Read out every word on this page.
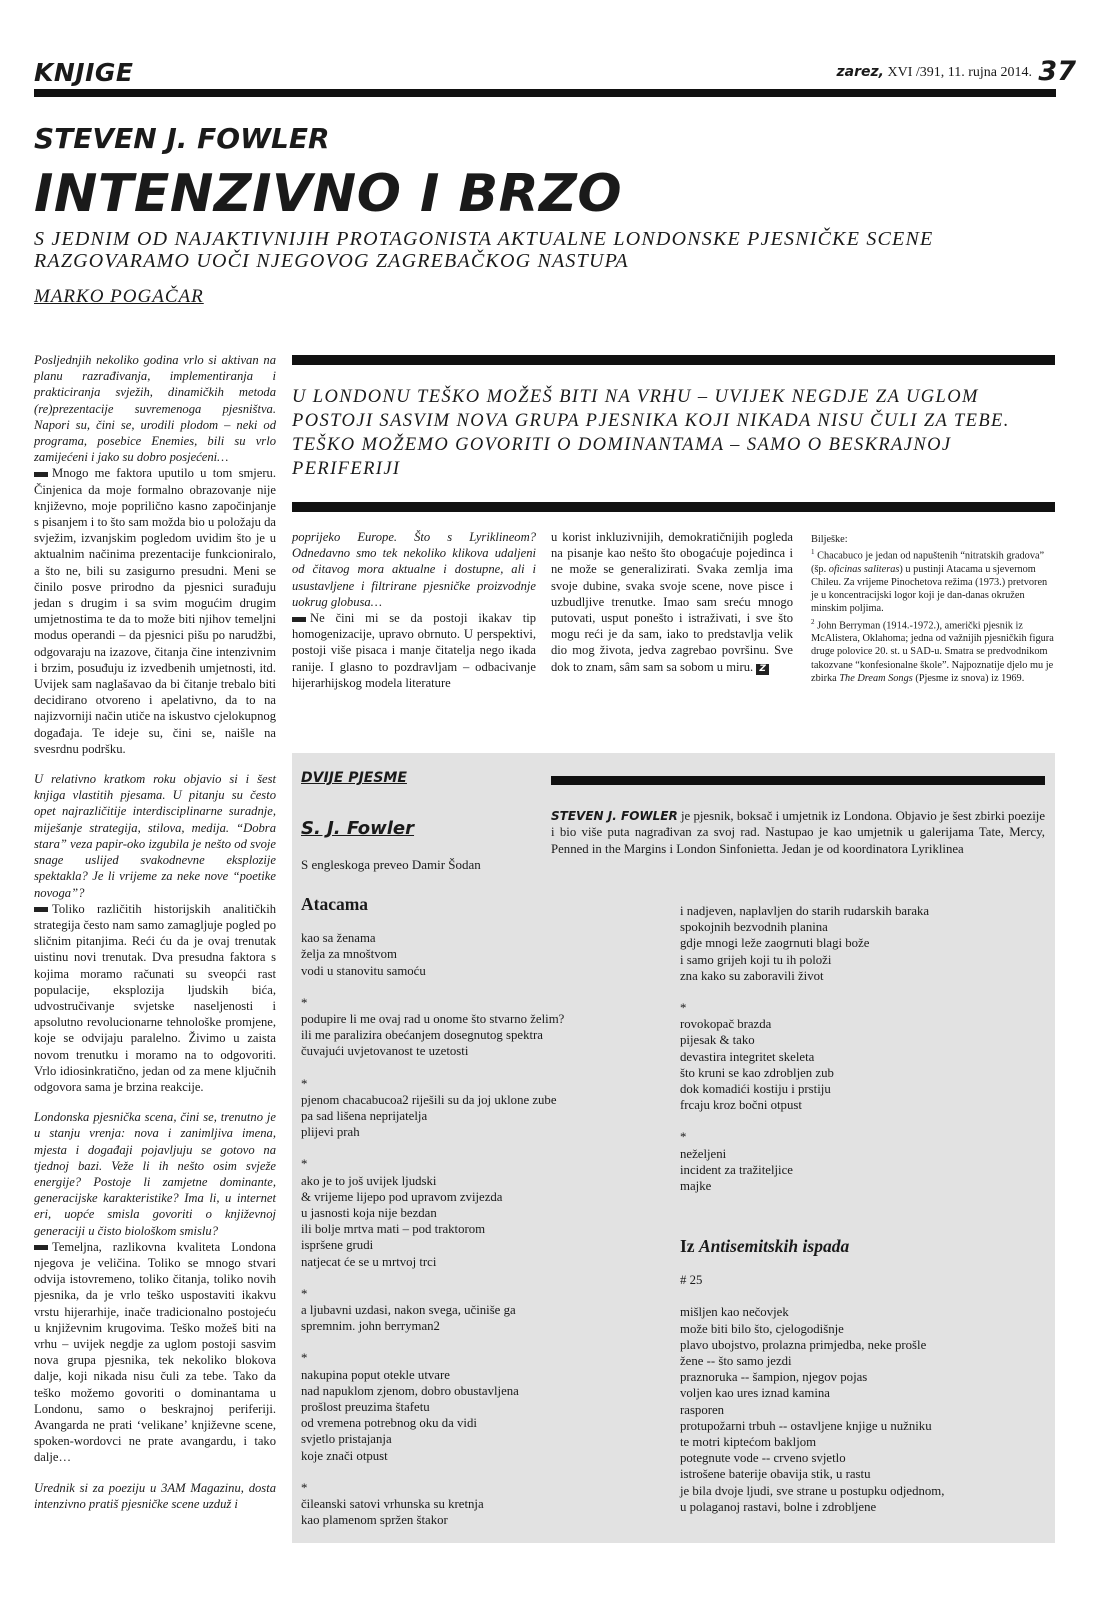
KNJIGE	zarez, XVI /391, 11. rujna 2014. 37
STEVEN J. FOWLER
INTENZIVNO I BRZO
S JEDNIM OD NAJAKTIVNIJIH PROTAGONISTA AKTUALNE LONDONSKE PJESNIČKE SCENE
RAZGOVARAMO UOČI NJEGOVOG ZAGREBAČKOG NASTUPA
MARKO POGAČAR

Posljednjih nekoliko godina vrlo si aktivan na planu razrađivanja, implementiranja i prakticiranja svježih, dinamičkih metoda (re)prezentacije suvremenoga pjesništva. Napori su, čini se, urodili plodom – neki od programa, posebice Enemies, bili su vrlo zamijećeni i jako su dobro posjećeni…

Mnogo me faktora uputilo u tom smjeru. Činjenica da moje formalno obrazovanje nije književno, moje poprilično kasno započinjanje s pisanjem i to što sam možda bio u položaju da svježim, izvanjskim pogledom uvidim što je u aktualnim načinima prezentacije funkcioniralo, a što ne, bili su zasigurno presudni. Meni se činilo posve prirodno da pjesnici surađuju jedan s drugim i sa svim mogućim drugim umjetnostima te da to može biti njihov temeljni modus operandi – da pjesnici pišu po narudžbi, odgovaraju na izazove, čitanja čine intenzivnim i brzim, posuđuju iz izvedbenih umjetnosti, itd. Uvijek sam naglašavao da bi čitanje trebalo biti decidirano otvoreno i apelativno, da to na najizvorniji način utiče na iskustvo cjelokupnog događaja. Te ideje su, čini se, naišle na svesrdnu podršku.

U relativno kratkom roku objavio si i šest knjiga vlastitih pjesama. U pitanju su često opet najrazličitije interdisciplinarne suradnje, miješanje strategija, stilova, medija. “Dobra stara” veza papir-oko izgubila je nešto od svoje snage uslijed svakodnevne eksplozije spektakla? Je li vrijeme za neke nove “poetike novoga”?

Toliko različitih historijskih analitičkih strategija često nam samo zamagljuje pogled po sličnim pitanjima. Reći ću da je ovaj trenutak uistinu novi trenutak. Dva presudna faktora s kojima moramo računati su sveopći rast populacije, eksplozija ljudskih bića, udvostručivanje svjetske naseljenosti i apsolutno revolucionarne tehnološke promjene, koje se odvijaju paralelno. Živimo u zaista novom trenutku i moramo na to odgovoriti. Vrlo idiosinkratično, jedan od za mene ključnih odgovora sama je brzina reakcije.

Londonska pjesnička scena, čini se, trenutno je u stanju vrenja: nova i zanimljiva imena, mjesta i događaji pojavljuju se gotovo na tjednoj bazi. Veže li ih nešto osim svježe energije? Postoje li zamjetne dominante, generacijske karakteristike? Ima li, u internet eri, uopće smisla govoriti o književnoj generaciji u čisto biološkom smislu?

Temeljna, razlikovna kvaliteta Londona njegova je veličina. Toliko se mnogo stvari odvija istovremeno, toliko čitanja, toliko novih pjesnika, da je vrlo teško uspostaviti ikakvu vrstu hijerarhije, inače tradicionalno postojeću u književnim krugovima. Teško možeš biti na vrhu – uvijek negdje za uglom postoji sasvim nova grupa pjesnika, tek nekoliko blokova dalje, koji nikada nisu čuli za tebe. Tako da teško možemo govoriti o dominantama u Londonu, samo o beskrajnoj periferiji. Avangarda ne prati ‘velikane’ književne scene, spoken-wordovci ne prate avangardu, i tako dalje…

Urednik si za poeziju u 3AM Magazinu, dosta intenzivno pratiš pjesničke scene uzduž i

U LONDONU TEŠKO MOŽEŠ BITI NA VRHU – UVIJEK NEGDJE ZA UGLOM POSTOJI SASVIM NOVA GRUPA PJESNIKA KOJI NIKADA NISU ČULI ZA TEBE. TEŠKO MOŽEMO GOVORITI O DOMINANTAMA – SAMO O BESKRAJNOJ PERIFERIJI

poprijeko Europe. Što s Lyriklineom? Odnedavno smo tek nekoliko klikova udaljeni od čitavog mora aktualne i dostupne, ali i usustavljene i filtrirane pjesničke proizvodnje uokrug globusa…

Ne čini mi se da postoji ikakav tip homogenizacije, upravo obrnuto. U perspektivi, postoji više pisaca i manje čitatelja nego ikada ranije. I glasno to pozdravljam – odbacivanje hijerarhijskog modela literature

u korist inkluzivnijih, demokratičnijih pogleda na pisanje kao nešto što obogaćuje pojedinca i ne može se generalizirati. Svaka zemlja ima svoje dubine, svaka svoje scene, nove pisce i uzbudljive trenutke. Imao sam sreću mnogo putovati, usput ponešto i istraživati, i sve što mogu reći je da sam, iako to predstavlja velik dio mog života, jedva zagrebao površinu. Sve dok to znam, sâm sam sa sobom u miru. Z

Bilješke:

$^1$ Chacabuco je jedan od napuštenih “nitratskih gradova” (šp. oficinas saliteras) u pustinji Atacama u sjevernom Chileu. Za vrijeme Pinochetova režima (1973.) pretvoren je u koncentracijski logor koji je dan-danas okružen minskim poljima.

$^2$ John Berryman (1914.-1972.), američki pjesnik iz McAlistera, Oklahoma; jedna od važnijih pjesničkih figura druge polovice 20. st. u SAD-u. Smatra se predvodnikom takozvane “konfesionalne škole”. Najpoznatije djelo mu je zbirka The Dream Songs (Pjesme iz snova) iz 1969.

DVIJE PJESME
S. J. Fowler
S engleskoga preveo Damir Šodan
STEVEN J. FOWLER je pjesnik, boksač i umjetnik iz Londona. Objavio je šest zbirki poezije i bio više puta nagrađivan za svoj rad. Nastupao je kao umjetnik u galerijama Tate, Mercy, Penned in the Margins i London Sinfonietta. Jedan je od koordinatora Lyriklinea
Atacama
kao sa ženama
želja za mnoštvom
vodi u stanovitu samoću
*
podupire li me ovaj rad u onome što stvarno želim?
ili me paralizira obećanjem dosegnutog spektra
čuvajući uvjetovanost te uzetosti
*
pjenom chacabucoa2 riješili su da joj uklone zube
pa sad lišena neprijatelja
plijevi prah
*
ako je to još uvijek ljudski
& vrijeme lijepo pod upravom zvijezda
u jasnosti koja nije bezdan
ili bolje mrtva mati – pod traktorom
ispršene grudi
natjecat će se u mrtvoj trci
*
a ljubavni uzdasi, nakon svega, učiniše ga
spremnim. john berryman2
*
nakupina poput otekle utvare
nad napuklom zjenom, dobro obustavljena
prošlost preuzima štafetu
od vremena potrebnog oku da vidi
svjetlo pristajanja
koje znači otpust
*
čileanski satovi vrhunska su kretnja
kao plamenom spržen štakor
i nadjeven, naplavljen do starih rudarskih baraka
spokojnih bezvodnih planina
gdje mnogi leže zaogrnuti blagi bože
i samo grijeh koji tu ih položi
zna kako su zaboravili život
*
rovokopač brazda
pijesak & tako
devastira integritet skeleta
što kruni se kao zdrobljen zub
dok komadići kostiju i prstiju
frcaju kroz bočni otpust
*
neželjeni
incident za tražiteljice
majke
Iz Antisemitskih ispada
# 25
mišljen kao nečovjek
može biti bilo što, cjelogodišnje
plavo ubojstvo, prolazna primjedba, neke prošle
žene -- što samo jezdi
praznoruka -- šampion, njegov pojas
voljen kao ures iznad kamina
rasporen
protupožarni trbuh -- ostavljene knjige u nužniku
te motri kiptećom bakljom
potegnute vode -- crveno svjetlo
istrošene baterije obavija stik, u rastu
je bila dvoje ljudi, sve strane u postupku odjednom,
u polaganoj rastavi, bolne i zdrobljene
